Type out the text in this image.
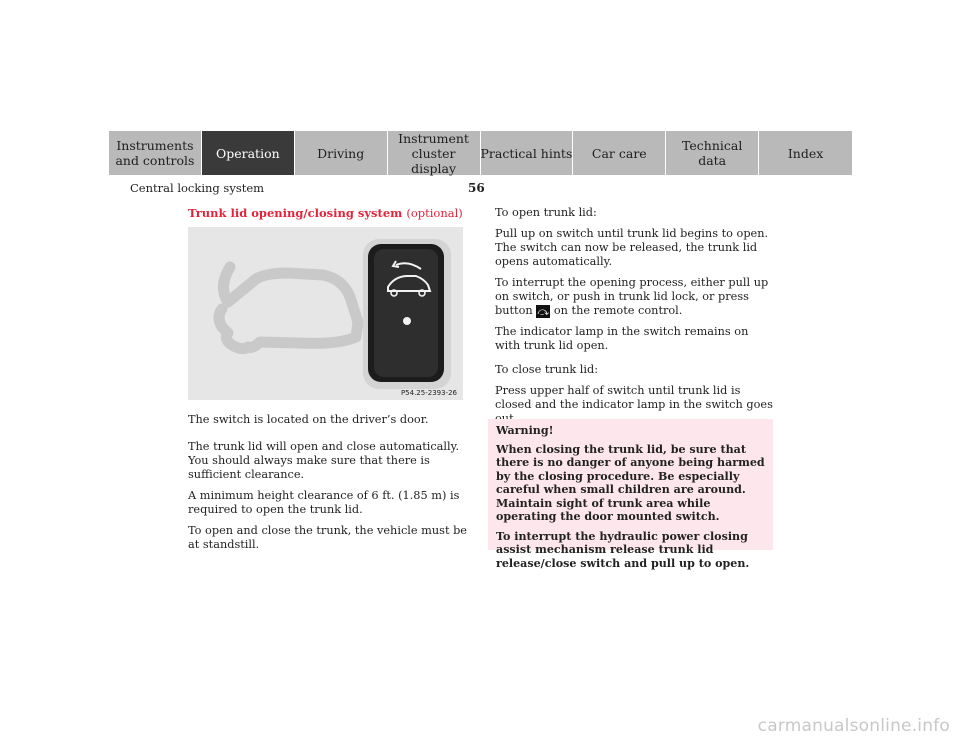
Instruments
and controls Operation	Driving
Instrument
cluster display
Practical hints Car care	Technical
data	Index
Central locking system	56
Trunk lid opening/closing system (optional)
P54.25-2393-26

The switch is located on the driver’s door.

The trunk lid will open and close automatically. You should always make sure that there is sufficient clearance.

A minimum height clearance of 6 ft. (1.85 m) is required to open the trunk lid.

To open and close the trunk, the vehicle must be at standstill.

To open trunk lid:

Pull up on switch until trunk lid begins to open. The switch can now be released, the trunk lid opens automatically.

To interrupt the opening process, either pull up on switch, or push in trunk lid lock, or press button ⤼ on the remote control.

The indicator lamp in the switch remains on with trunk lid open.

To close trunk lid:

Press upper half of switch until trunk lid is closed and the indicator lamp in the switch goes

Warning!

When closing the trunk lid, be sure that there is no danger of anyone being harmed by the closing procedure. Be especially careful when small children are around. Maintain sight of trunk area while operating the door mounted switch.

To interrupt the hydraulic power closing assist mechanism release trunk lid release/close switch and pull up to open.

carmanualsonline.info
